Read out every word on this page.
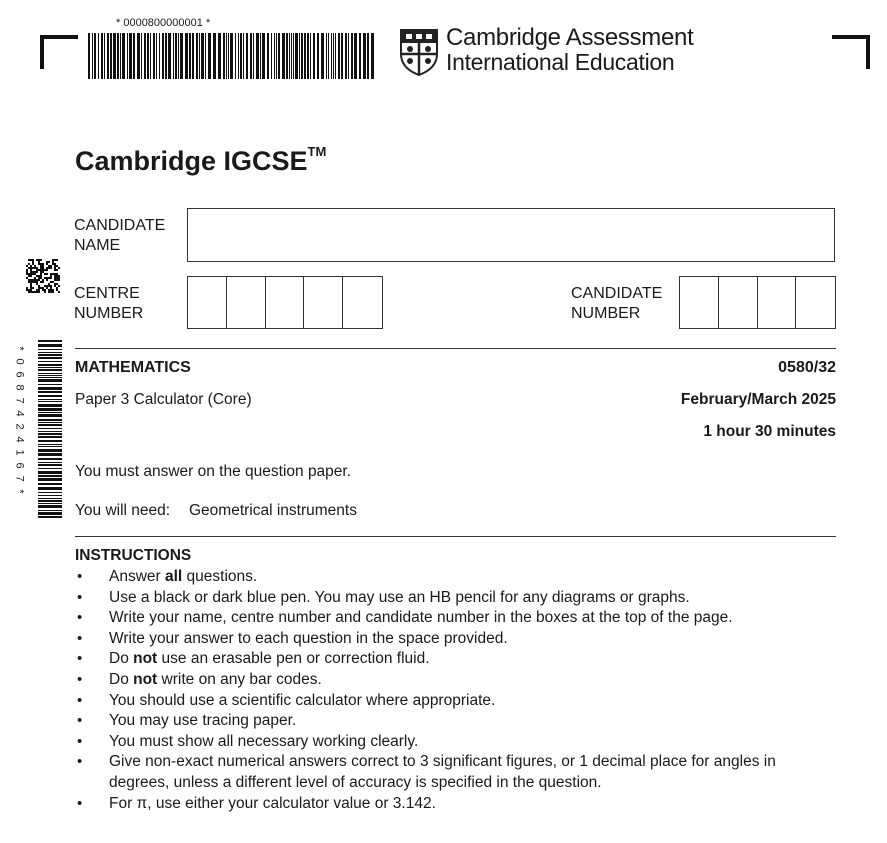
* 0000800000001 *
Cambridge Assessment
International Education
Cambridge IGCSE™
*
0
6
8
7
4
2
4
1
6
7
*
CANDIDATE
NAME
CENTRE
NUMBER
CANDIDATE
NUMBER
MATHEMATICS	0580/32
Paper 3 Calculator (Core)	February/March 2025
1 hour 30 minutes
You must answer on the question paper.
You will need: Geometrical instruments
INSTRUCTIONS
• Answer all questions.
• Use a black or dark blue pen. You may use an HB pencil for any diagrams or graphs.
• Write your name, centre number and candidate number in the boxes at the top of the page.
• Write your answer to each question in the space provided.
• Do not use an erasable pen or correction fluid.
• Do not write on any bar codes.
• You should use a scientific calculator where appropriate.
• You may use tracing paper.
• You must show all necessary working clearly.
• Give non-exact numerical answers correct to 3 significant figures, or 1 decimal place for angles in degrees, unless a different level of accuracy is specified in the question.
• For π, use either your calculator value or 3.142.
